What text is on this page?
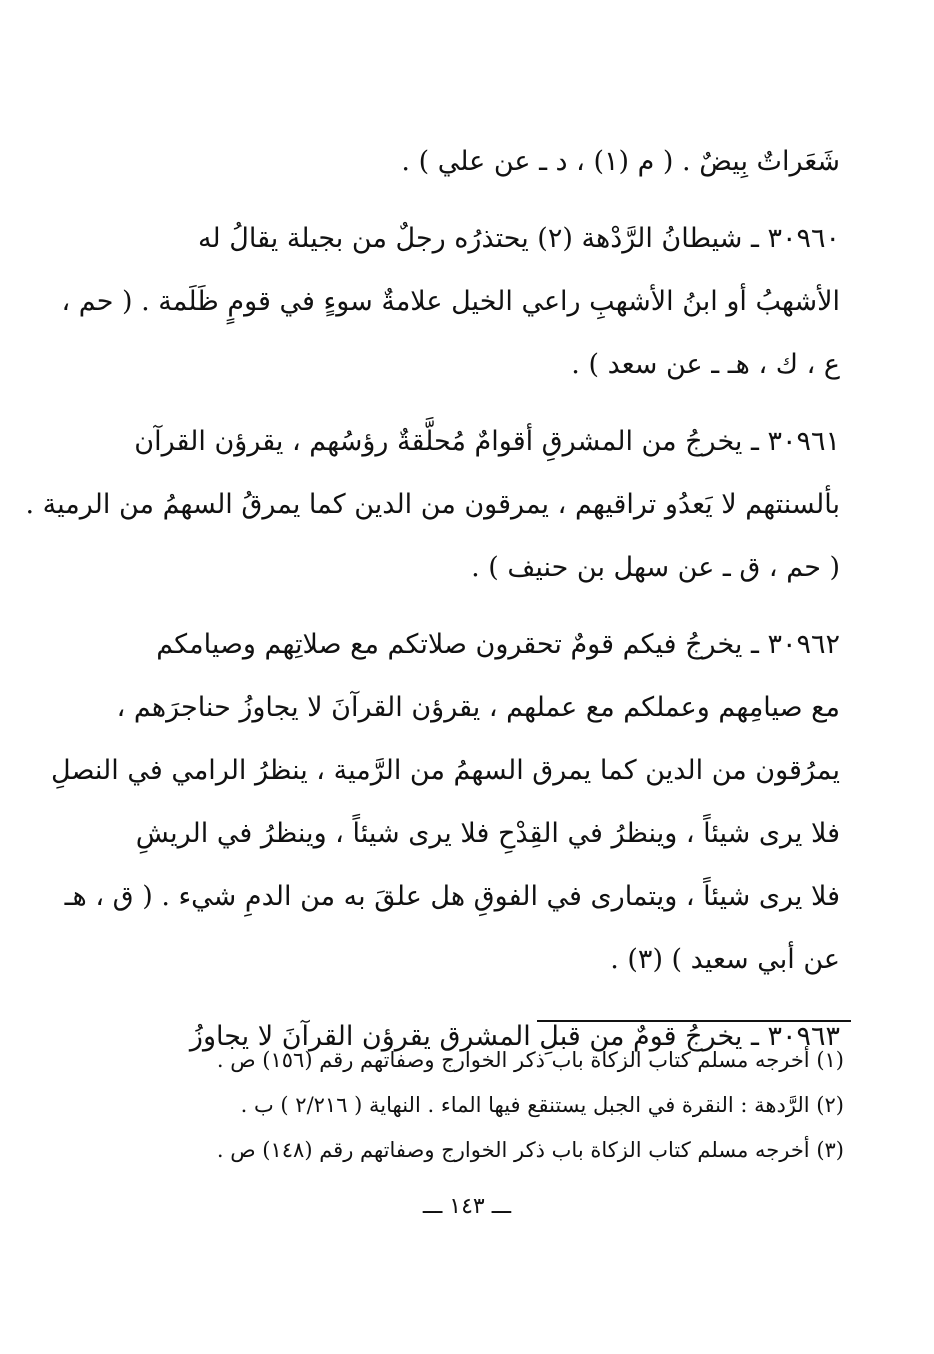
شَعَراتٌ بِيضٌ . ( م (١) ، د ـ عن علي ) .
٣٠٩٦٠ ـ شيطانُ الرَّدْهة (٢) يحتذرُه رجلٌ من بجيلة يقالُ له
الأشهبُ أو ابنُ الأشهبِ راعي الخيل علامةٌ سوءٍ في قومٍ ظَلَمة . ( حم ،
ع ، ك ، هـ ـ عن سعد ) .
٣٠٩٦١ ـ يخرجُ من المشرقِ أقوامٌ مُحلَّقةٌ رؤسُهم ، يقرؤن القرآن
بألسنتهم لا يَعدُو تراقيهم ، يمرقون من الدين كما يمرقُ السهمُ من الرمية .
( حم ، ق ـ عن سهل بن حنيف ) .
٣٠٩٦٢ ـ يخرجُ فيكم قومٌ تحقرون صلاتكم مع صلاتِهم وصيامكم
مع صيامِهم وعملكم مع عملهم ، يقرؤن القرآنَ لا يجاوزُ حناجرَهم ،
يمرُقون من الدين كما يمرق السهمُ من الرَّمية ، ينظرُ الرامي في النصلِ
فلا يرى شيئاً ، وينظرُ في القِدْحِ فلا يرى شيئاً ، وينظرُ في الريشِ
فلا يرى شيئاً ، ويتمارى في الفوقِ هل علقَ به من الدمِ شيء . ( ق ، هـ
عن أبي سعيد ) (٣) .
٣٠٩٦٣ ـ يخرجُ قومٌ من قبلِ المشرق يقرؤن القرآنَ لا يجاوزُ
(١) أخرجه مسلم كتاب الزكاة باب ذكر الخوارج وصفاتهم رقم (١٥٦) ص .
(٢) الرَّدهة : النقرة في الجبل يستنقع فيها الماء . النهاية ( ٢/٢١٦ ) ب .
(٣) أخرجه مسلم كتاب الزكاة باب ذكر الخوارج وصفاتهم رقم (١٤٨) ص .
ـــ ١٤٣ ـــ
